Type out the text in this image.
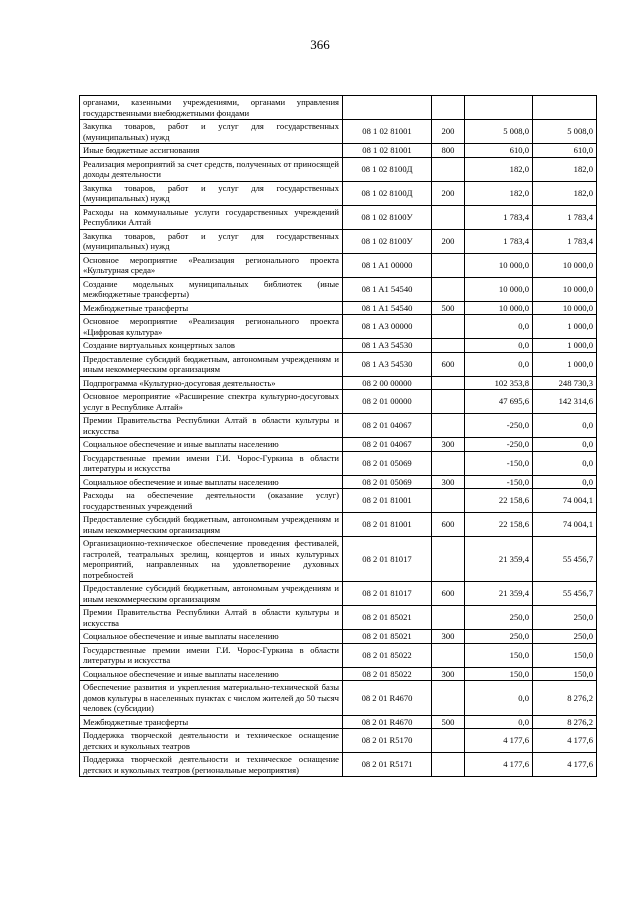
366
органами, казенными учреждениями, органами управления государственными внебюджетными фондами				
Закупка товаров, работ и услуг для государственных (муниципальных) нужд	08 1 02 81001	200	5 008,0	5 008,0
Иные бюджетные ассигнования	08 1 02 81001	800	610,0	610,0
Реализация мероприятий за счет средств, полученных от приносящей доходы деятельности	08 1 02 8100Д		182,0	182,0
Закупка товаров, работ и услуг для государственных (муниципальных) нужд	08 1 02 8100Д	200	182,0	182,0
Расходы на коммунальные услуги государственных учреждений Республики Алтай	08 1 02 8100У		1 783,4	1 783,4
Закупка товаров, работ и услуг для государственных (муниципальных) нужд	08 1 02 8100У	200	1 783,4	1 783,4
Основное мероприятие «Реализация регионального проекта «Культурная среда»	08 1 A1 00000		10 000,0	10 000,0
Создание модельных муниципальных библиотек (иные межбюджетные трансферты)	08 1 A1 54540		10 000,0	10 000,0
Межбюджетные трансферты	08 1 A1 54540	500	10 000,0	10 000,0
Основное мероприятие «Реализация регионального проекта «Цифровая культура»	08 1 A3 00000		0,0	1 000,0
Создание виртуальных концертных залов	08 1 A3 54530		0,0	1 000,0
Предоставление субсидий бюджетным, автономным учреждениям и иным некоммерческим организациям	08 1 A3 54530	600	0,0	1 000,0
Подпрограмма «Культурно-досуговая деятельность»	08 2 00 00000		102 353,8	248 730,3
Основное мероприятие «Расширение спектра культурно-досуговых услуг в Республике Алтай»	08 2 01 00000		47 695,6	142 314,6
Премии Правительства Республики Алтай в области культуры и искусства	08 2 01 04067		-250,0	0,0
Социальное обеспечение и иные выплаты населению	08 2 01 04067	300	-250,0	0,0
Государственные премии имени Г.И. Чорос-Гуркина в области литературы и искусства	08 2 01 05069		-150,0	0,0
Социальное обеспечение и иные выплаты населению	08 2 01 05069	300	-150,0	0,0
Расходы на обеспечение деятельности (оказание услуг) государственных учреждений	08 2 01 81001		22 158,6	74 004,1
Предоставление субсидий бюджетным, автономным учреждениям и иным некоммерческим организациям	08 2 01 81001	600	22 158,6	74 004,1
Организационно-техническое обеспечение проведения фестивалей, гастролей, театральных зрелищ, концертов и иных культурных мероприятий, направленных на удовлетворение духовных потребностей	08 2 01 81017		21 359,4	55 456,7
Предоставление субсидий бюджетным, автономным учреждениям и иным некоммерческим организациям	08 2 01 81017	600	21 359,4	55 456,7
Премии Правительства Республики Алтай в области культуры и искусства	08 2 01 85021		250,0	250,0
Социальное обеспечение и иные выплаты населению	08 2 01 85021	300	250,0	250,0
Государственные премии имени Г.И. Чорос-Гуркина в области литературы и искусства	08 2 01 85022		150,0	150,0
Социальное обеспечение и иные выплаты населению	08 2 01 85022	300	150,0	150,0
Обеспечение развития и укрепления материально-технической базы домов культуры в населенных пунктах с числом жителей до 50 тысяч человек (субсидии)	08 2 01 R4670		0,0	8 276,2
Межбюджетные трансферты	08 2 01 R4670	500	0,0	8 276,2
Поддержка творческой деятельности и техническое оснащение детских и кукольных театров	08 2 01 R5170		4 177,6	4 177,6
Поддержка творческой деятельности и техническое оснащение детских и кукольных театров (региональные мероприятия)	08 2 01 R5171		4 177,6	4 177,6
